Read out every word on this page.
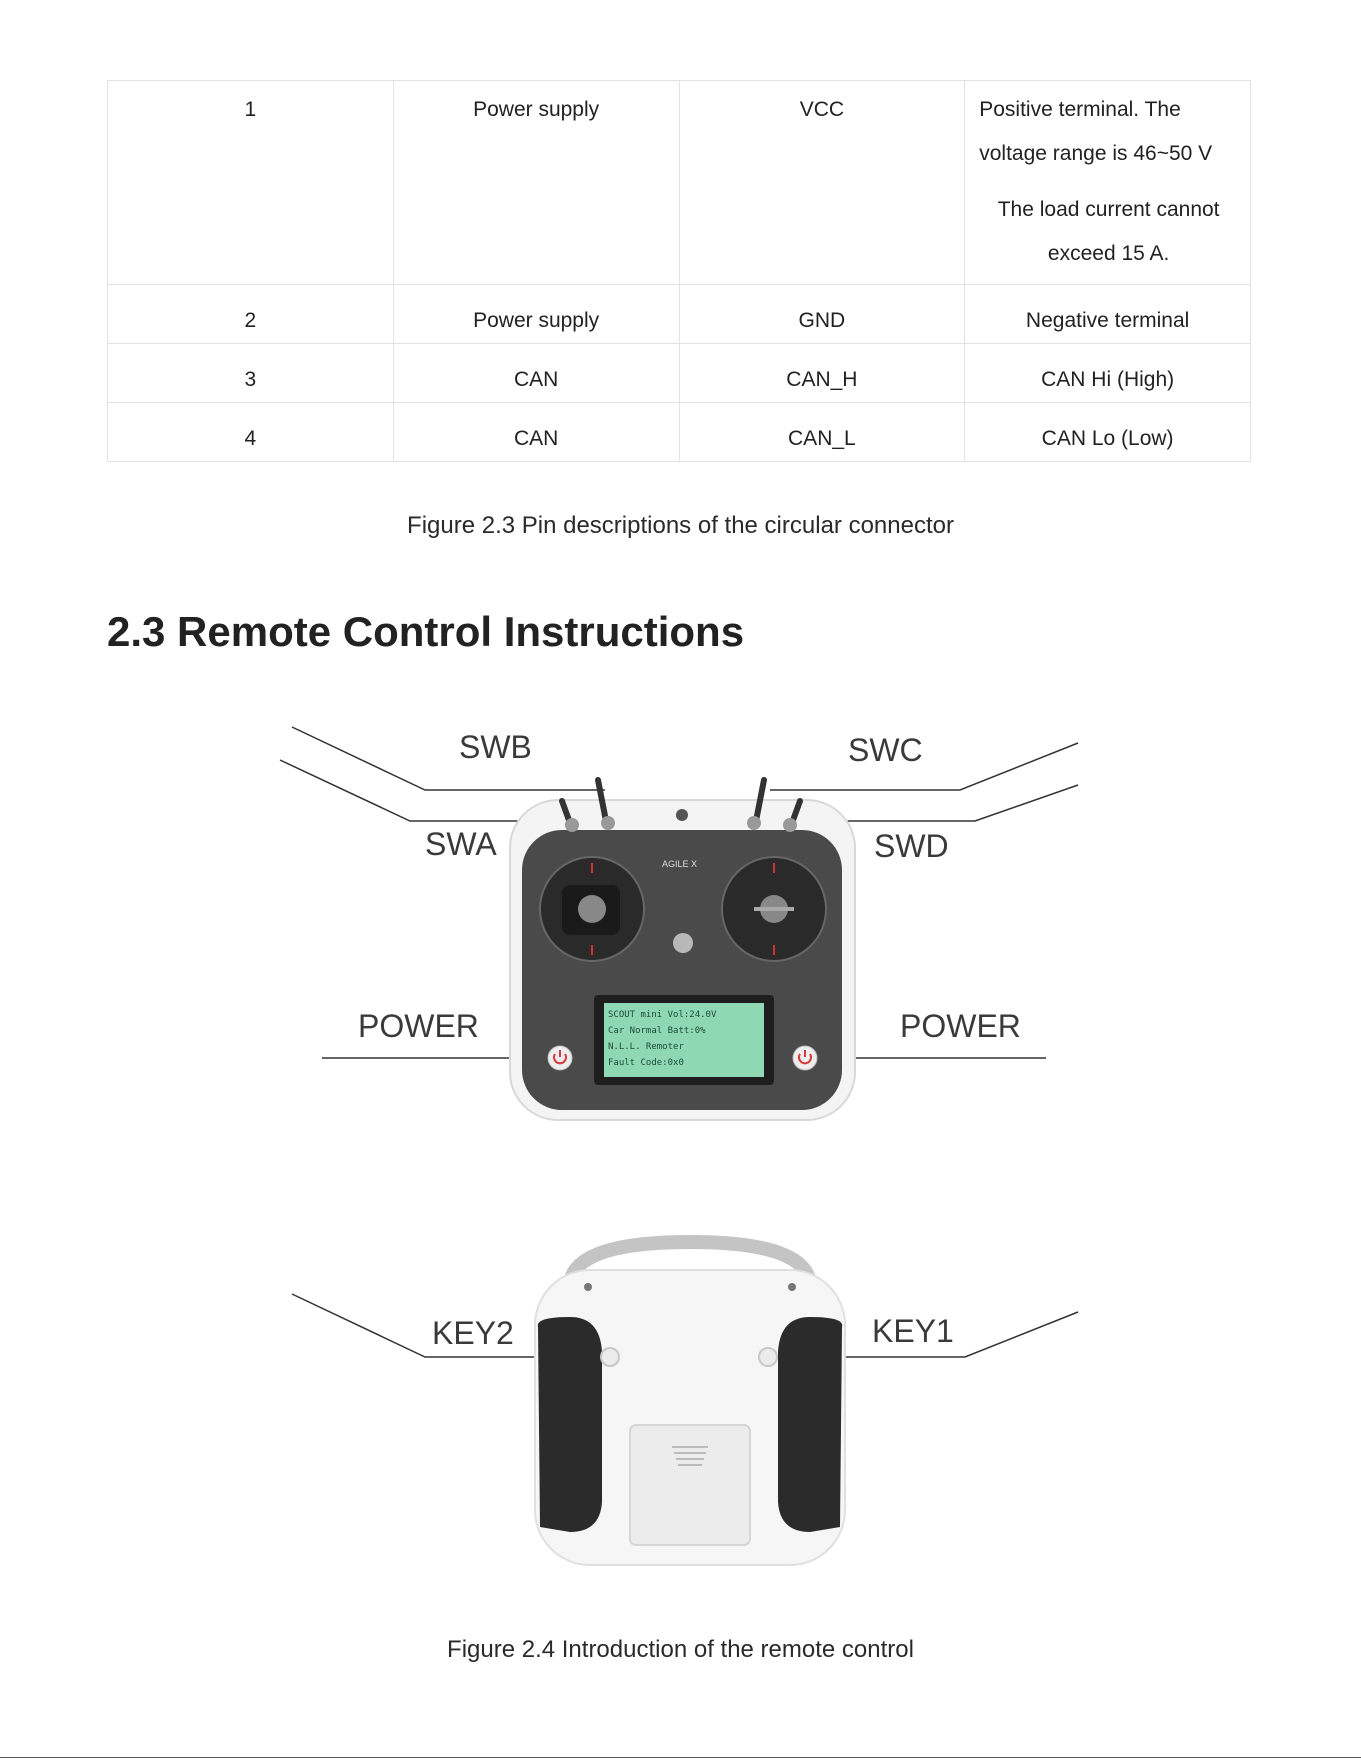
1	Power supply	VCC	Positive terminal. The

voltage range is 46~50 V

The load current cannot

exceed 15 A.

2	Power supply	GND	Negative terminal
3	CAN	CAN_H	CAN Hi (High)
4	CAN	CAN_L	CAN Lo (Low)
Figure 2.3 Pin descriptions of the circular connector
2.3 Remote Control Instructions
SCOUT mini Vol:24.0V
Car Normal Batt:0%
N.L.L. Remoter
Fault Code:0x0
AGILE X
SWB
SWA
SWC
SWD
POWER	POWER
KEY2	KEY1
Figure 2.4 Introduction of the remote control
